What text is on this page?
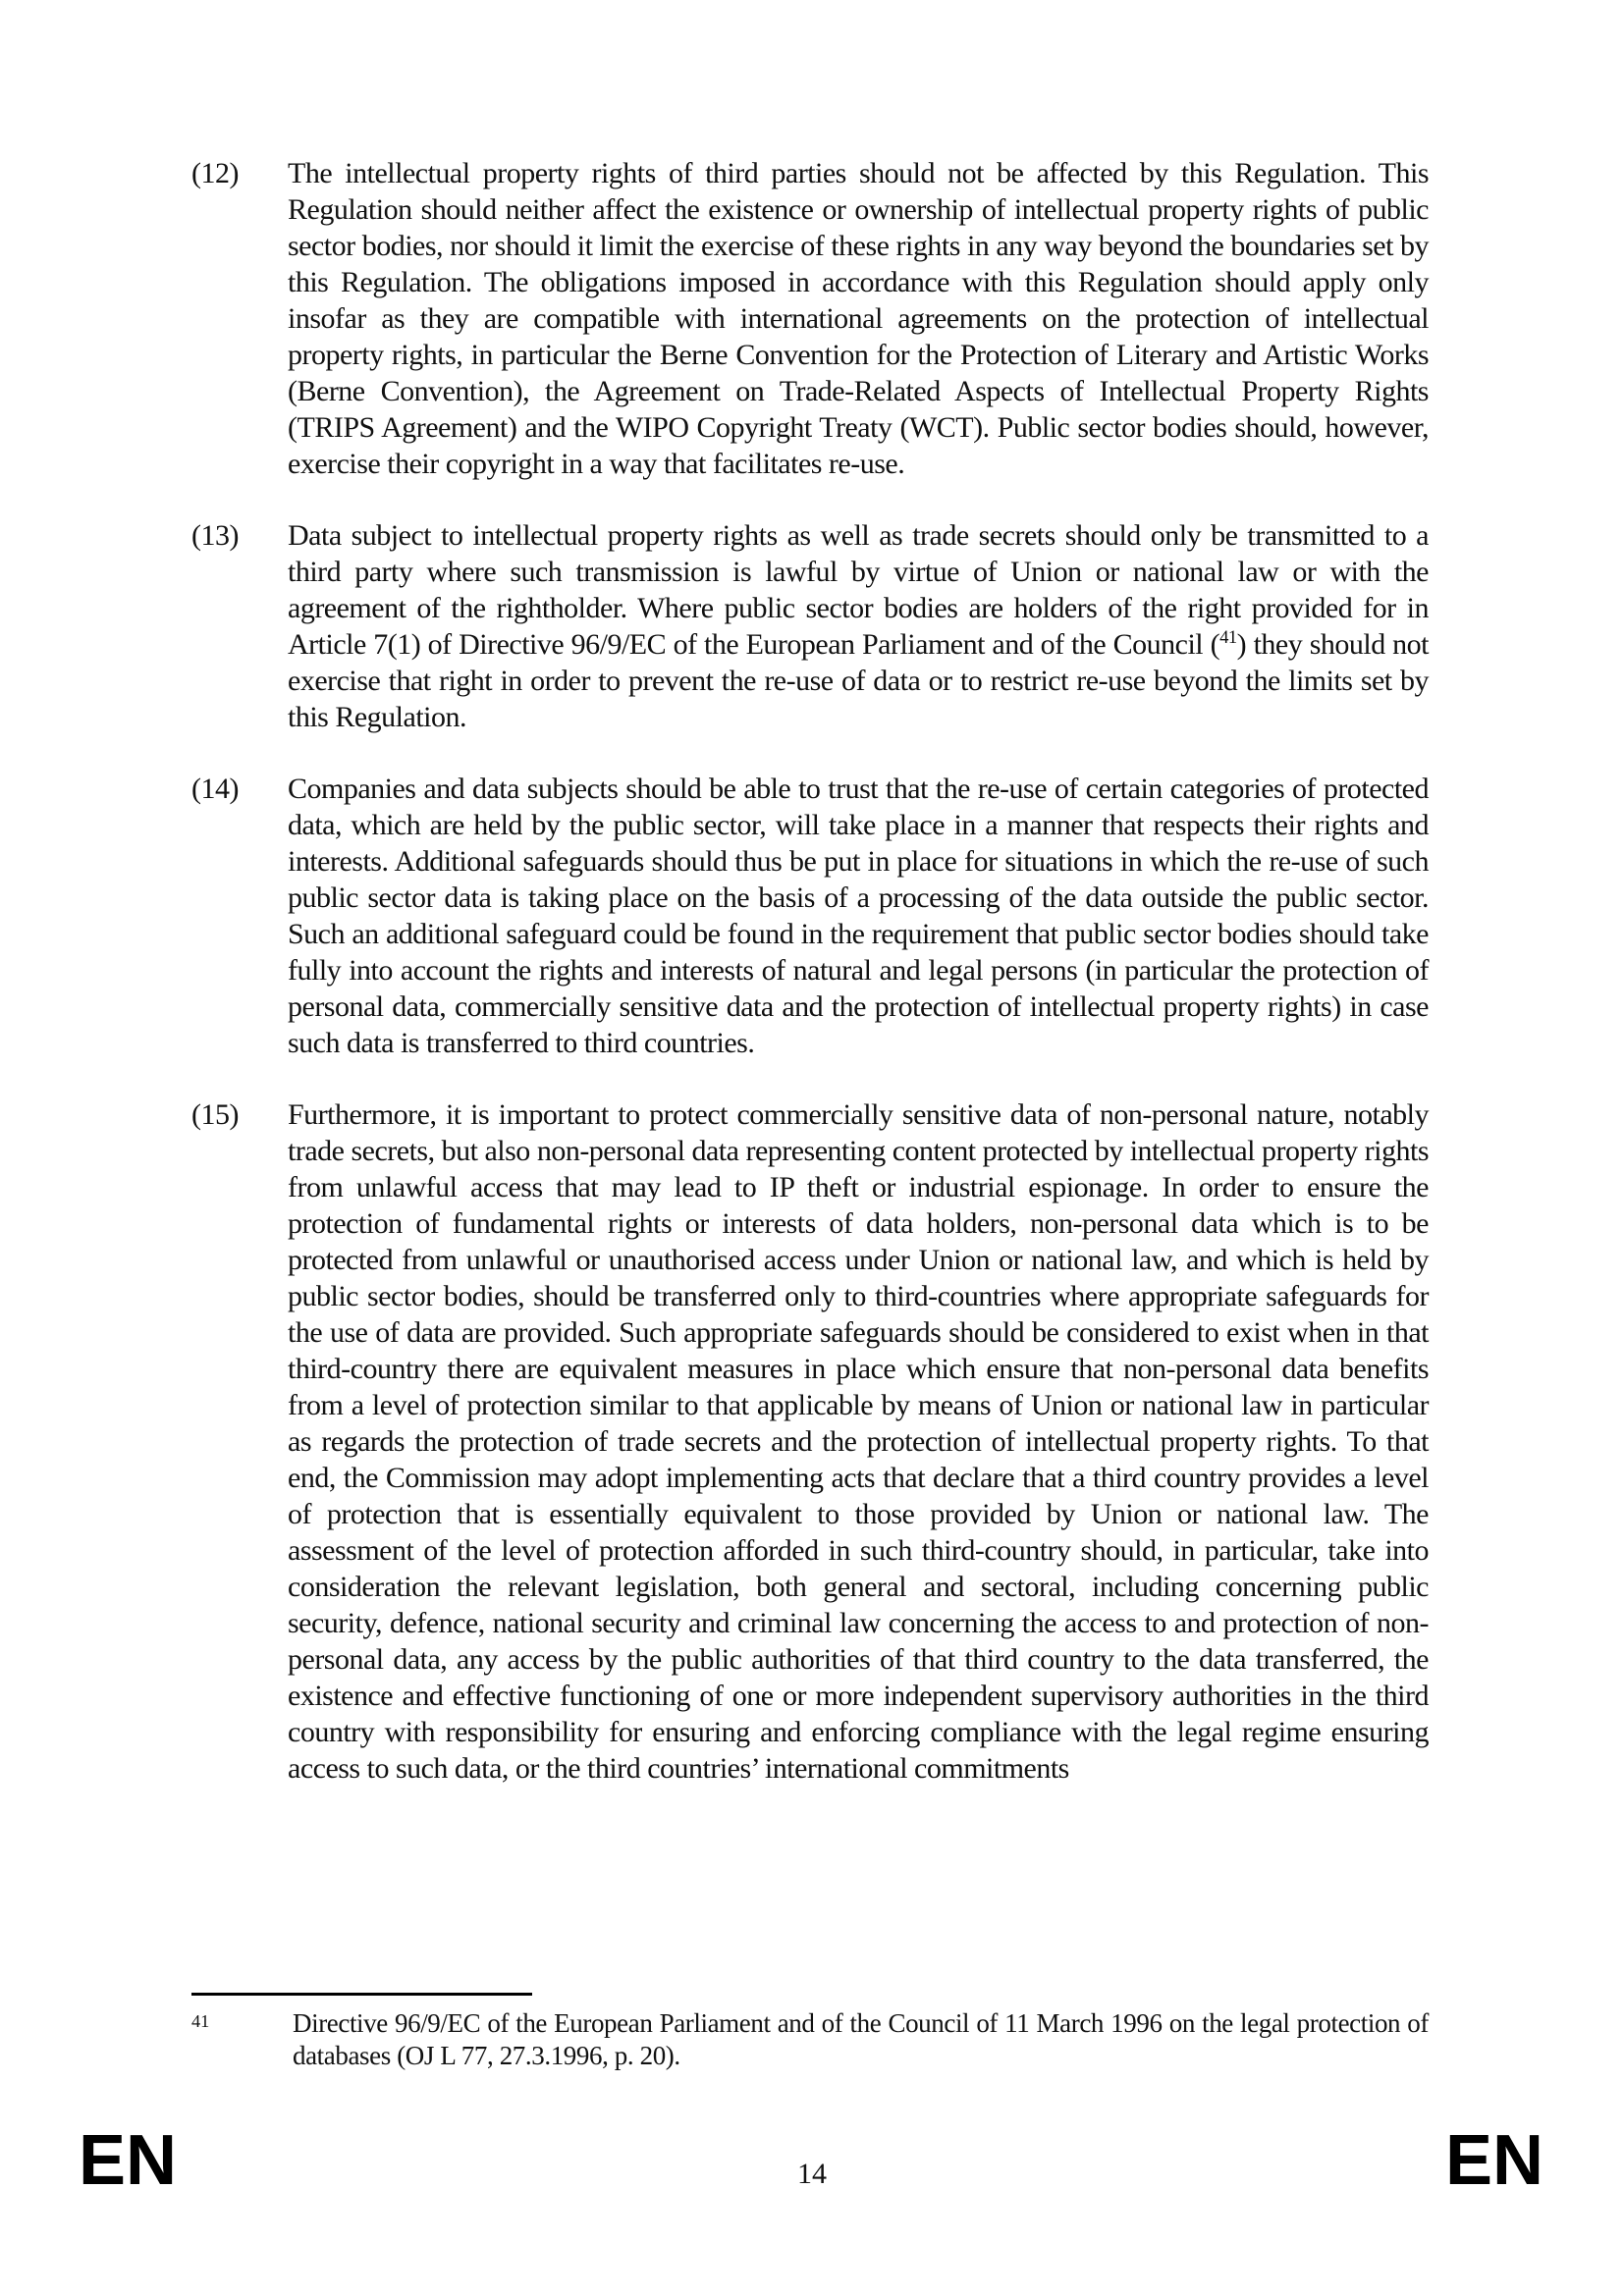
(12)	The intellectual property rights of third parties should not be affected by this Regulation. This Regulation should neither affect the existence or ownership of intellectual property rights of public sector bodies, nor should it limit the exercise of these rights in any way beyond the boundaries set by this Regulation. The obligations imposed in accordance with this Regulation should apply only insofar as they are compatible with international agreements on the protection of intellectual property rights, in particular the Berne Convention for the Protection of Literary and Artistic Works (Berne Convention), the Agreement on Trade-Related Aspects of Intellectual Property Rights (TRIPS Agreement) and the WIPO Copyright Treaty (WCT). Public sector bodies should, however, exercise their copyright in a way that facilitates re-use.
(13)	Data subject to intellectual property rights as well as trade secrets should only be transmitted to a third party where such transmission is lawful by virtue of Union or national law or with the agreement of the rightholder. Where public sector bodies are holders of the right provided for in Article 7(1) of Directive 96/9/EC of the European Parliament and of the Council ($^{41}$) they should not exercise that right in order to prevent the re-use of data or to restrict re-use beyond the limits set by this Regulation.
(14)	Companies and data subjects should be able to trust that the re-use of certain categories of protected data, which are held by the public sector, will take place in a manner that respects their rights and interests. Additional safeguards should thus be put in place for situations in which the re-use of such public sector data is taking place on the basis of a processing of the data outside the public sector. Such an additional safeguard could be found in the requirement that public sector bodies should take fully into account the rights and interests of natural and legal persons (in particular the protection of personal data, commercially sensitive data and the protection of intellectual property rights) in case such data is transferred to third countries.
(15)	Furthermore, it is important to protect commercially sensitive data of non-personal nature, notably trade secrets, but also non-personal data representing content protected by intellectual property rights from unlawful access that may lead to IP theft or industrial espionage. In order to ensure the protection of fundamental rights or interests of data holders, non-personal data which is to be protected from unlawful or unauthorised access under Union or national law, and which is held by public sector bodies, should be transferred only to third-countries where appropriate safeguards for the use of data are provided. Such appropriate safeguards should be considered to exist when in that third-country there are equivalent measures in place which ensure that non-personal data benefits from a level of protection similar to that applicable by means of Union or national law in particular as regards the protection of trade secrets and the protection of intellectual property rights. To that end, the Commission may adopt implementing acts that declare that a third country provides a level of protection that is essentially equivalent to those provided by Union or national law. The assessment of the level of protection afforded in such third-country should, in particular, take into consideration the relevant legislation, both general and sectoral, including concerning public security, defence, national security and criminal law concerning the access to and protection of non-personal data, any access by the public authorities of that third country to the data transferred, the existence and effective functioning of one or more independent supervisory authorities in the third country with responsibility for ensuring and enforcing compliance with the legal regime ensuring access to such data, or the third countries’ international commitments
$^{41}$	Directive 96/9/EC of the European Parliament and of the Council of 11 March 1996 on the legal protection of databases (OJ L 77, 27.3.1996, p. 20).
EN	14	EN
